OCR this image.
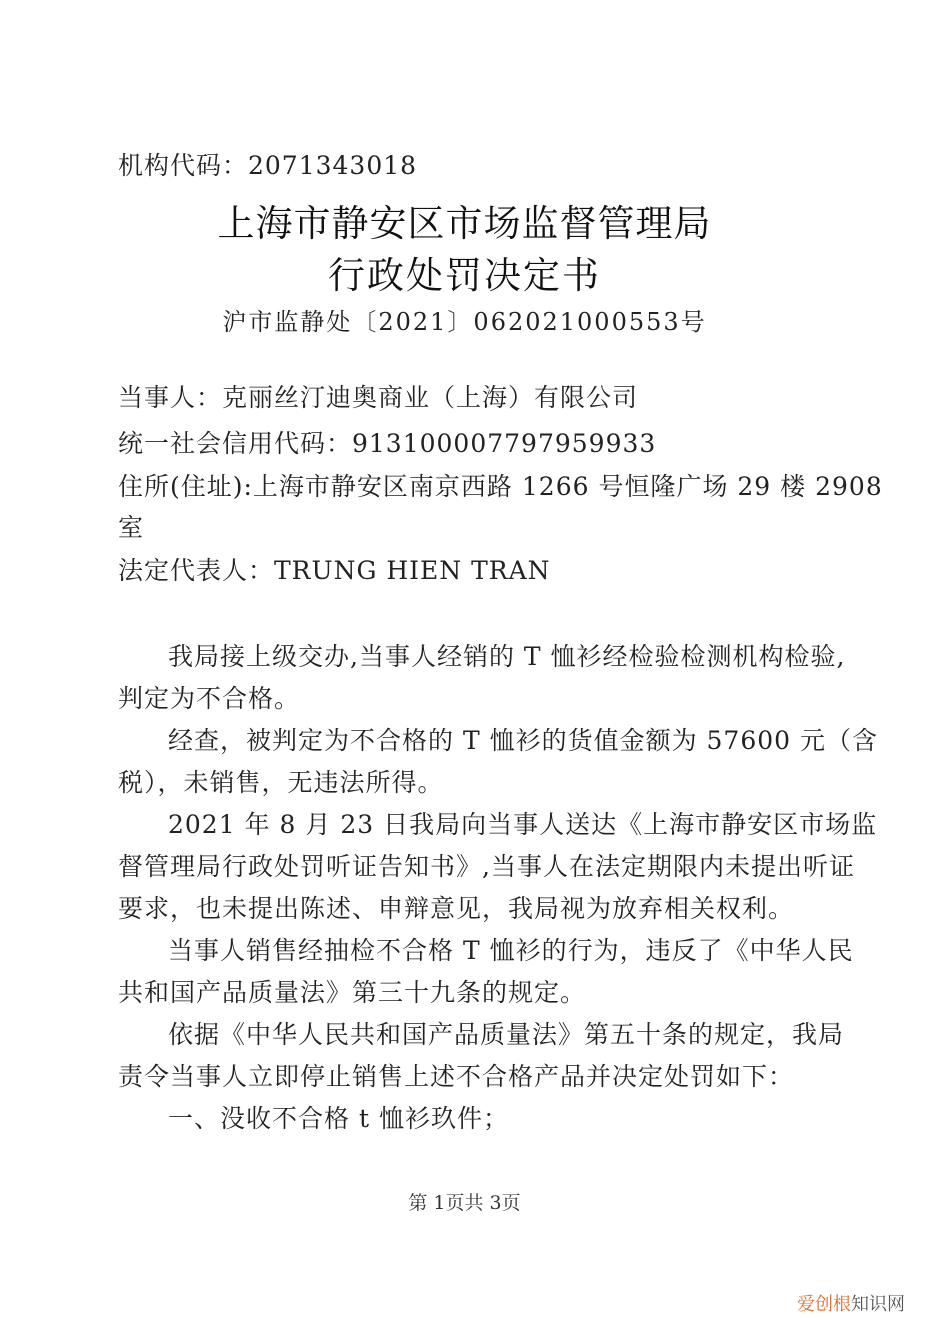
机构代码：2071343018
上海市静安区市场监督管理局
行政处罚决定书
沪市监静处〔2021〕062021000553号
当事人：克丽丝汀迪奥商业（上海）有限公司
统一社会信用代码：913100007797959933
住所(住址):上海市静安区南京西路 1266 号恒隆广场 29 楼 2908
室
法定代表人：TRUNG HIEN TRAN
我局接上级交办,当事人经销的 T 恤衫经检验检测机构检验,
判定为不合格。
经查，被判定为不合格的 T 恤衫的货值金额为 57600 元（含
税），未销售，无违法所得。
2021 年 8 月 23 日我局向当事人送达《上海市静安区市场监
督管理局行政处罚听证告知书》,当事人在法定期限内未提出听证
要求，也未提出陈述、申辩意见，我局视为放弃相关权利。
当事人销售经抽检不合格 T 恤衫的行为，违反了《中华人民
共和国产品质量法》第三十九条的规定。
依据《中华人民共和国产品质量法》第五十条的规定，我局
责令当事人立即停止销售上述不合格产品并决定处罚如下：
一、没收不合格 t 恤衫玖件；
第 1页共 3页
爱创根知识网
